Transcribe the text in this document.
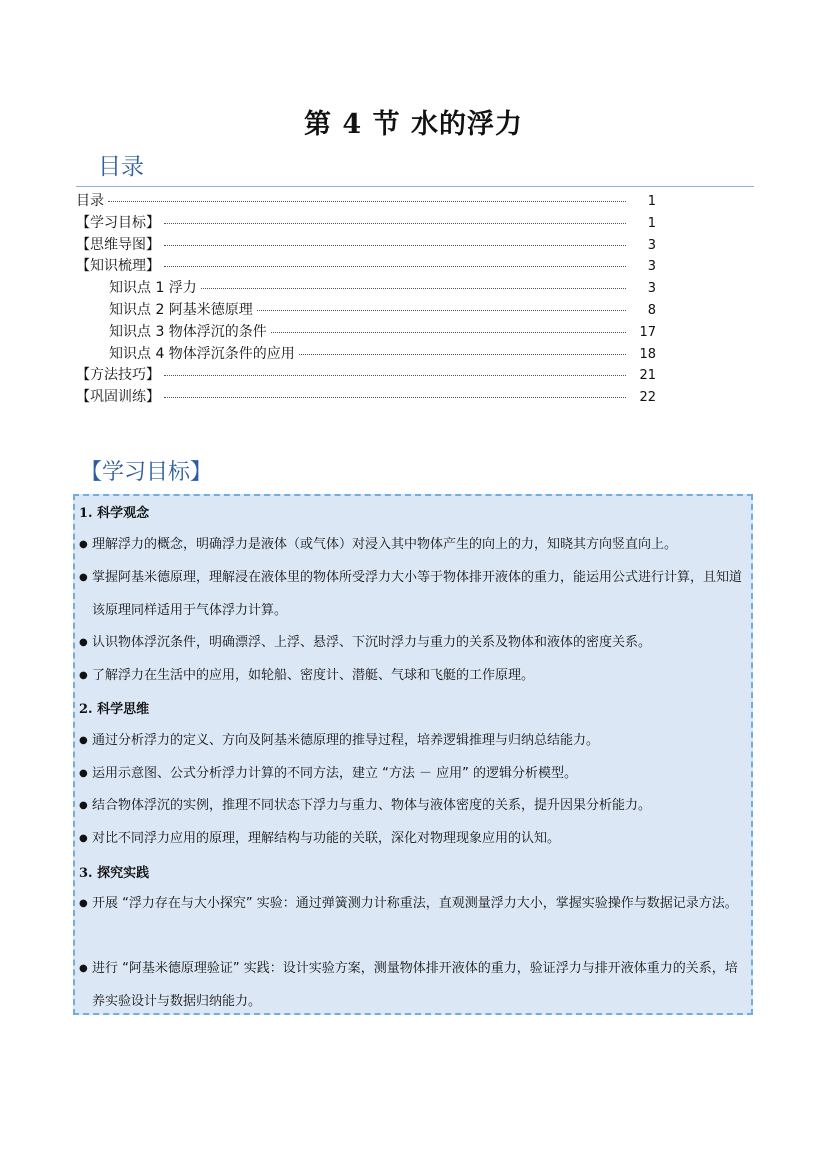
第 4 节 水的浮力
目录
目录	1
【学习目标】	1
【思维导图】	3
【知识梳理】	3
知识点 1 浮力	3
知识点 2 阿基米德原理	8
知识点 3 物体浮沉的条件	17
知识点 4 物体浮沉条件的应用	18
【方法技巧】	21
【巩固训练】	22
【学习目标】
1. 科学观念
● 理解浮力的概念，明确浮力是液体（或气体）对浸入其中物体产生的向上的力，知晓其方向竖直向上。
● 掌握阿基米德原理，理解浸在液体里的物体所受浮力大小等于物体排开液体的重力，能运用公式进行计算，且知道该原理同样适用于气体浮力计算。
● 认识物体浮沉条件，明确漂浮、上浮、悬浮、下沉时浮力与重力的关系及物体和液体的密度关系。
● 了解浮力在生活中的应用，如轮船、密度计、潜艇、气球和飞艇的工作原理。
2. 科学思维
● 通过分析浮力的定义、方向及阿基米德原理的推导过程，培养逻辑推理与归纳总结能力。
● 运用示意图、公式分析浮力计算的不同方法，建立 “方法 － 应用” 的逻辑分析模型。
● 结合物体浮沉的实例，推理不同状态下浮力与重力、物体与液体密度的关系，提升因果分析能力。
● 对比不同浮力应用的原理，理解结构与功能的关联，深化对物理现象应用的认知。
3. 探究实践
● 开展 “浮力存在与大小探究” 实验：通过弹簧测力计称重法，直观测量浮力大小，掌握实验操作与数据记录方法。
● 进行 “阿基米德原理验证” 实践：设计实验方案，测量物体排开液体的重力，验证浮力与排开液体重力的关系，培养实验设计与数据归纳能力。
